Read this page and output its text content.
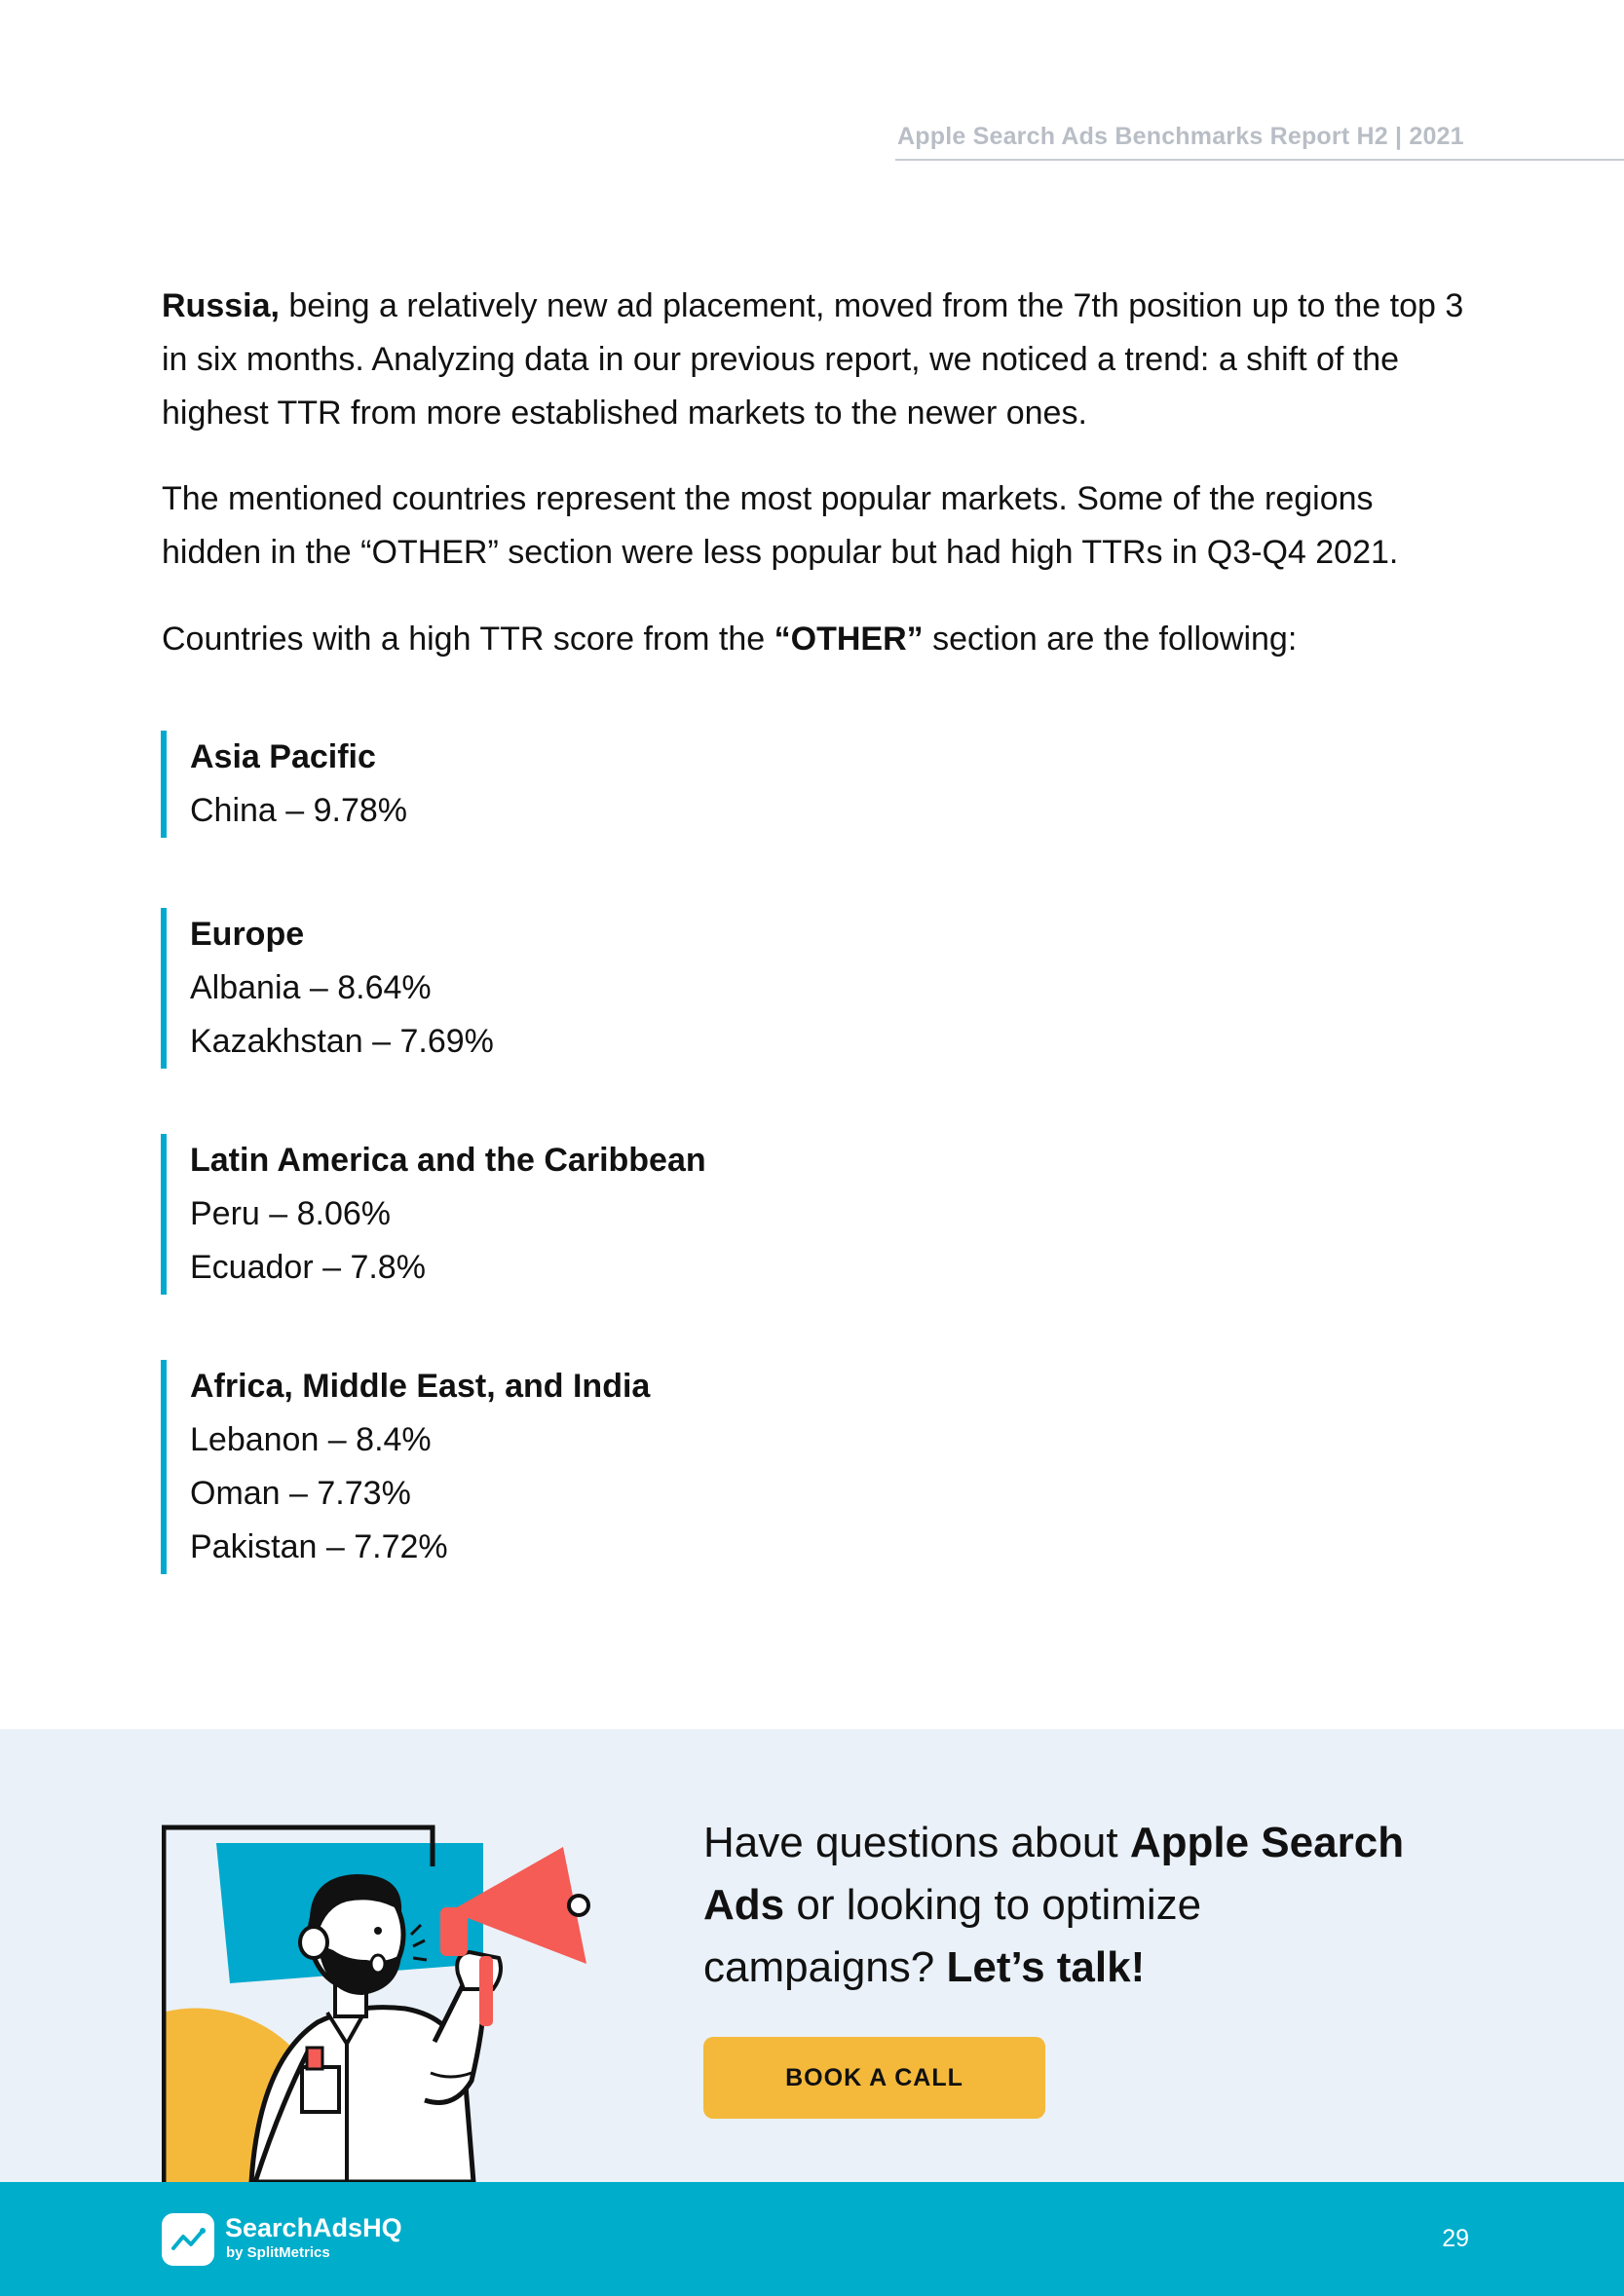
Apple Search Ads Benchmarks Report H2 | 2021
Russia, being a relatively new ad placement, moved from the 7th position up to the top 3 in six months. Analyzing data in our previous report, we noticed a trend: a shift of the highest TTR from more established markets to the newer ones.
The mentioned countries represent the most popular markets. Some of the regions hidden in the “OTHER” section were less popular but had high TTRs in Q3-Q4 2021.
Countries with a high TTR score from the “OTHER” section are the following:
Asia Pacific
China – 9.78%
Europe
Albania – 8.64%
Kazakhstan – 7.69%
Latin America and the Caribbean
Peru – 8.06%
Ecuador – 7.8%
Africa, Middle East, and India
Lebanon – 8.4%
Oman – 7.73%
Pakistan – 7.72%
Have questions about Apple Search Ads or looking to optimize campaigns? Let’s talk!
BOOK A CALL
SearchAdsHQ
by SplitMetrics
29
